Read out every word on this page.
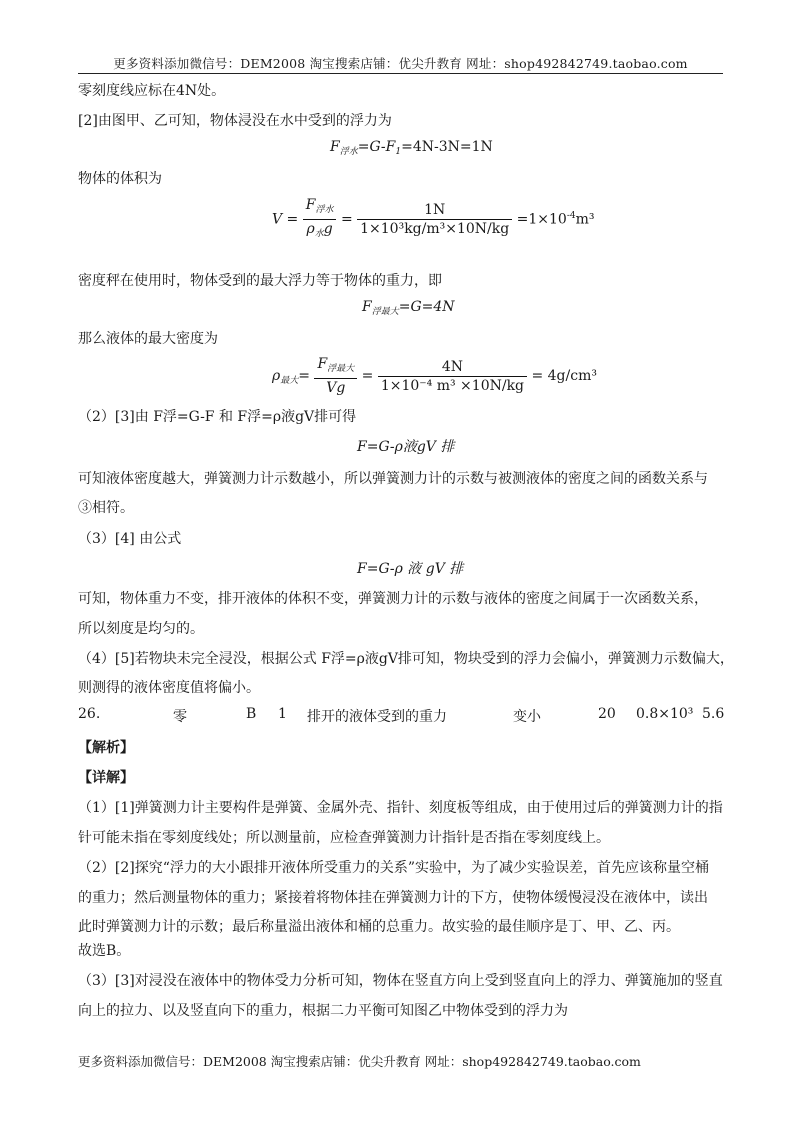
更多资料添加微信号：DEM2008 淘宝搜索店铺：优尖升教育 网址：shop492842749.taobao.com
零刻度线应标在4N处。
[2]由图甲、乙可知，物体浸没在水中受到的浮力为
$F_{浮水}=G-F_1=4N-3N=1N$
物体的体积为
$V = \frac{F_{浮水}}{\rho_水g} = \frac{1N}{\text{1×10³kg/m³×10N/kg}} =1\times 10^{-4}m^3$
密度秤在使用时，物体受到的最大浮力等于物体的重力，即
$F_{浮最大}=G=4N$
那么液体的最大密度为
$\rho_{最大}= \frac{F_{浮最大}}{Vg} = \frac{4N}{\text{1×10⁻⁴ m³ ×10N/kg}} = 4g/cm^3$
（2）[3]由 F浮=G-F 和 F浮=ρ液gV排可得
F=G-ρ液gV 排
可知液体密度越大，弹簧测力计示数越小，所以弹簧测力计的示数与被测液体的密度之间的函数关系与
③相符。
（3）[4] 由公式
F=G-ρ 液 gV 排
可知，物体重力不变，排开液体的体积不变，弹簧测力计的示数与液体的密度之间属于一次函数关系，
所以刻度是均匀的。
（4）[5]若物块未完全浸没，根据公式 F浮=ρ液gV排可知，物块受到的浮力会偏小，弹簧测力示数偏大，
则测得的液体密度值将偏小。
26.	零	B 1 排开的液体受到的重力	变小	20 0.8×10³ 5.6
【解析】
【详解】
（1）[1]弹簧测力计主要构件是弹簧、金属外壳、指针、刻度板等组成，由于使用过后的弹簧测力计的指
针可能未指在零刻度线处；所以测量前，应检查弹簧测力计指针是否指在零刻度线上。
（2）[2]探究“浮力的大小跟排开液体所受重力的关系”实验中，为了减少实验误差，首先应该称量空桶
的重力；然后测量物体的重力；紧接着将物体挂在弹簧测力计的下方，使物体缓慢浸没在液体中，读出
此时弹簧测力计的示数；最后称量溢出液体和桶的总重力。故实验的最佳顺序是丁、甲、乙、丙。
故选B。
（3）[3]对浸没在液体中的物体受力分析可知，物体在竖直方向上受到竖直向上的浮力、弹簧施加的竖直
向上的拉力、以及竖直向下的重力，根据二力平衡可知图乙中物体受到的浮力为
更多资料添加微信号：DEM2008 淘宝搜索店铺：优尖升教育 网址：shop492842749.taobao.com
